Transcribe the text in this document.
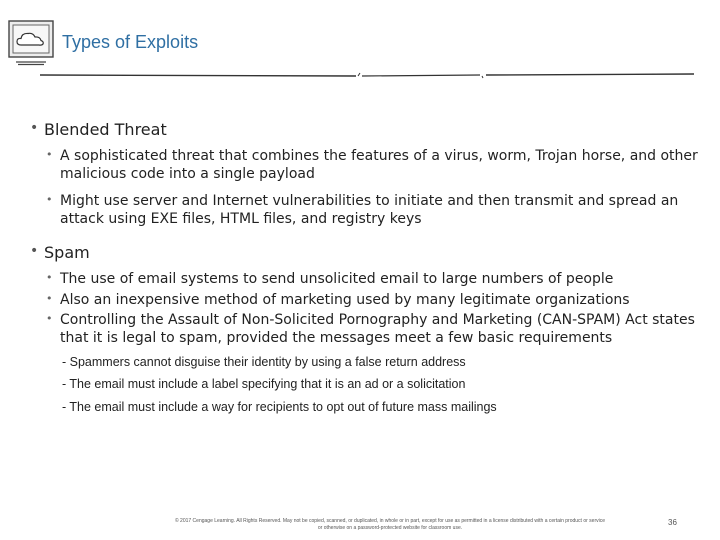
Types of Exploits
• Blended Threat
• A sophisticated threat that combines the features of a virus, worm, Trojan horse, and other malicious code into a single payload
• Might use server and Internet vulnerabilities to initiate and then transmit and spread an attack using EXE files, HTML files, and registry keys
• Spam
• The use of email systems to send unsolicited email to large numbers of people
• Also an inexpensive method of marketing used by many legitimate organizations
• Controlling the Assault of Non-Solicited Pornography and Marketing (CAN-SPAM) Act states that it is legal to spam, provided the messages meet a few basic requirements
- Spammers cannot disguise their identity by using a false return address
- The email must include a label specifying that it is an ad or a solicitation
- The email must include a way for recipients to opt out of future mass mailings
© 2017 Cengage Learning. All Rights Reserved. May not be copied, scanned, or duplicated, in whole or in part, except for use as permitted in a license distributed with a certain product or service
or otherwise on a password-protected website for classroom use.
36
